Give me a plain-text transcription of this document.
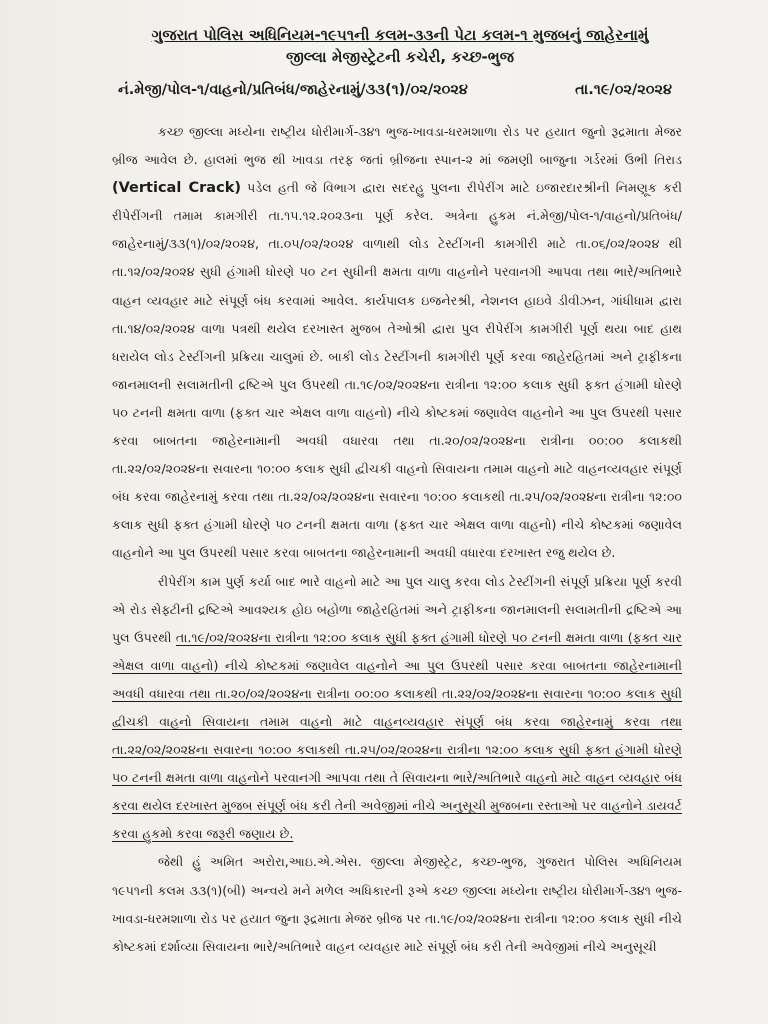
ગુજરાત પોલિસ અધિનિયમ-૧૯૫૧ની કલમ-૩૩ની પેટા કલમ-૧ મુજબનું જાહેરનામું
જીલ્લા મેજીસ્ટ્રેટની કચેરી, કચ્છ-ભુજ
નં.મેજી/પોલ-૧/વાહનો/પ્રતિબંધ/જાહેરનામું/૩૩(૧)/૦૨/૨૦૨૪	તા.૧૯/૦૨/૨૦૨૪

કચ્છ જીલ્લા મધ્યેના રાષ્ટ્રીય ધોરીમાર્ગ-૩૪૧ ભુજ-ખાવડા-ધરમશાળા રોડ પર હયાત જુનો રૂદ્રમાતા મેજર બ્રીજ આવેલ છે. હાલમાં ભુજ થી ખાવડા તરફ જતાં બ્રીજના સ્પાન-૨ માં જમણી બાજુના ગર્ડરમાં ઉભી તિરાડ (Vertical Crack) પડેલ હતી જે વિભાગ દ્વારા સદરહુ પુલના રીપેરીંગ માટે ઇજારદારશ્રીની નિમણૂક કરી રીપેરીંગની તમામ કામગીરી તા.૧૫.૧૨.૨૦૨૩ના પૂર્ણ કરેલ. અત્રેના હુકમ નં.મેજી/પોલ-૧/વાહનો/પ્રતિબંધ/ જાહેરનામું/૩૩(૧)/૦૨/૨૦૨૪, તા.૦૫/૦૨/૨૦૨૪ વાળાથી લોડ ટેસ્ટીંગની કામગીરી માટે તા.૦૬/૦૨/૨૦૨૪ થી તા.૧૨/૦૨/૨૦૨૪ સુધી હંગામી ધોરણે ૫૦ ટન સુધીની ક્ષમતા વાળા વાહનોને પરવાનગી આપવા તથા ભારે/અતિભારે વાહન વ્યવહાર માટે સંપૂર્ણ બંધ કરવામાં આવેલ. કાર્યપાલક ઇજનેરશ્રી, નેશનલ હાઇવે ડીવીઝન, ગાંધીધામ દ્વારા તા.૧૪/૦૨/૨૦૨૪ વાળા પત્રથી થયેલ દરખાસ્ત મુજબ તેઓશ્રી દ્વારા પુલ રીપેરીંગ કામગીરી પૂર્ણ થયા બાદ હાથ ધરાયેલ લોડ ટેસ્ટીંગની પ્રક્રિયા ચાલુમાં છે. બાકી લોડ ટેસ્ટીંગની કામગીરી પૂર્ણ કરવા જાહેરહિતમાં અને ટ્રાફીકના જાનમાલની સલામતીની દ્રષ્ટિએ પુલ ઉપરથી તા.૧૯/૦૨/૨૦૨૪ના રાત્રીના ૧૨:૦૦ કલાક સુધી ફક્ત હંગામી ધોરણે ૫૦ ટનની ક્ષમતા વાળા (ફક્ત ચાર એક્ષલ વાળા વાહનો) નીચે કોષ્ટકમાં જણાવેલ વાહનોને આ પુલ ઉપરથી પસાર કરવા બાબતના જાહેરનામાની અવધી વધારવા તથા તા.૨૦/૦૨/૨૦૨૪ના રાત્રીના ૦૦:૦૦ કલાકથી તા.૨૨/૦૨/૨૦૨૪ના સવારના ૧૦:૦૦ કલાક સુધી દ્વીચકી વાહનો સિવાયના તમામ વાહનો માટે વાહનવ્યવહાર સંપૂર્ણ બંધ કરવા જાહેરનામું કરવા તથા તા.૨૨/૦૨/૨૦૨૪ના સવારના ૧૦:૦૦ કલાકથી તા.૨૫/૦૨/૨૦૨૪ના રાત્રીના ૧૨:૦૦ કલાક સુધી ફક્ત હંગામી ધોરણે ૫૦ ટનની ક્ષમતા વાળા (ફક્ત ચાર એક્ષલ વાળા વાહનો) નીચે કોષ્ટકમાં જણાવેલ વાહનોને આ પુલ ઉપરથી પસાર કરવા બાબતના જાહેરનામાની અવધી વધારવા દરખાસ્ત રજુ થયેલ છે.

રીપેરીંગ કામ પુર્ણ કર્યા બાદ ભારે વાહનો માટે આ પુલ ચાલુ કરવા લોડ ટેસ્ટીંગની સંપૂર્ણ પ્રક્રિયા પૂર્ણ કરવી એ રોડ સેફ્ટીની દ્રષ્ટિએ આવશ્યક હોઇ બહોળા જાહેરહિતમાં અને ટ્રાફીકના જાનમાલની સલામતીની દ્રષ્ટિએ આ પુલ ઉપરથી તા.૧૯/૦૨/૨૦૨૪ના રાત્રીના ૧૨:૦૦ કલાક સુધી ફક્ત હંગામી ધોરણે ૫૦ ટનની ક્ષમતા વાળા (ફક્ત ચાર એક્ષલ વાળા વાહનો) નીચે કોષ્ટકમાં જણાવેલ વાહનોને આ પુલ ઉપરથી પસાર કરવા બાબતના જાહેરનામાની અવધી વધારવા તથા તા.૨૦/૦૨/૨૦૨૪ના રાત્રીના ૦૦:૦૦ કલાકથી તા.૨૨/૦૨/૨૦૨૪ના સવારના ૧૦:૦૦ કલાક સુધી દ્વીચકી વાહનો સિવાયના તમામ વાહનો માટે વાહનવ્યવહાર સંપૂર્ણ બંધ કરવા જાહેરનામું કરવા તથા તા.૨૨/૦૨/૨૦૨૪ના સવારના ૧૦:૦૦ કલાકથી તા.૨૫/૦૨/૨૦૨૪ના રાત્રીના ૧૨:૦૦ કલાક સુધી ફક્ત હંગામી ધોરણે ૫૦ ટનની ક્ષમતા વાળા વાહનોને પરવાનગી આપવા તથા તે સિવાયના ભારે/અતિભારે વાહનો માટે વાહન વ્યવહાર બંધ કરવા થયેલ દરખાસ્ત મુજબ સંપૂર્ણ બંધ કરી તેની અવેજીમાં નીચે અનુસૂચી મુજબના રસ્તાઓ પર વાહનોને ડાયવર્ટ કરવા હુકમો કરવા જરૂરી જણાય છે.

જેથી હું અમિત અરોરા,આઇ.એ.એસ. જીલ્લા મેજીસ્ટ્રેટ, કચ્છ-ભુજ, ગુજરાત પોલિસ અધિનિયમ ૧૯૫૧ની કલમ ૩૩(૧)(બી) અન્વયે મને મળેલ અધિકારની રૂએ કચ્છ જીલ્લા મધ્યેના રાષ્ટ્રીય ધોરીમાર્ગ-૩૪૧ ભુજ-ખાવડા-ધરમશાળા રોડ પર હયાત જુના રૂદ્રમાતા મેજર બ્રીજ પર તા.૧૯/૦૨/૨૦૨૪ના રાત્રીના ૧૨:૦૦ કલાક સુધી નીચે કોષ્ટકમાં દર્શાવ્યા સિવાયના ભારે/અતિભારે વાહન વ્યવહાર માટે સંપૂર્ણ બંધ કરી તેની અવેજીમાં નીચે અનુસૂચી
